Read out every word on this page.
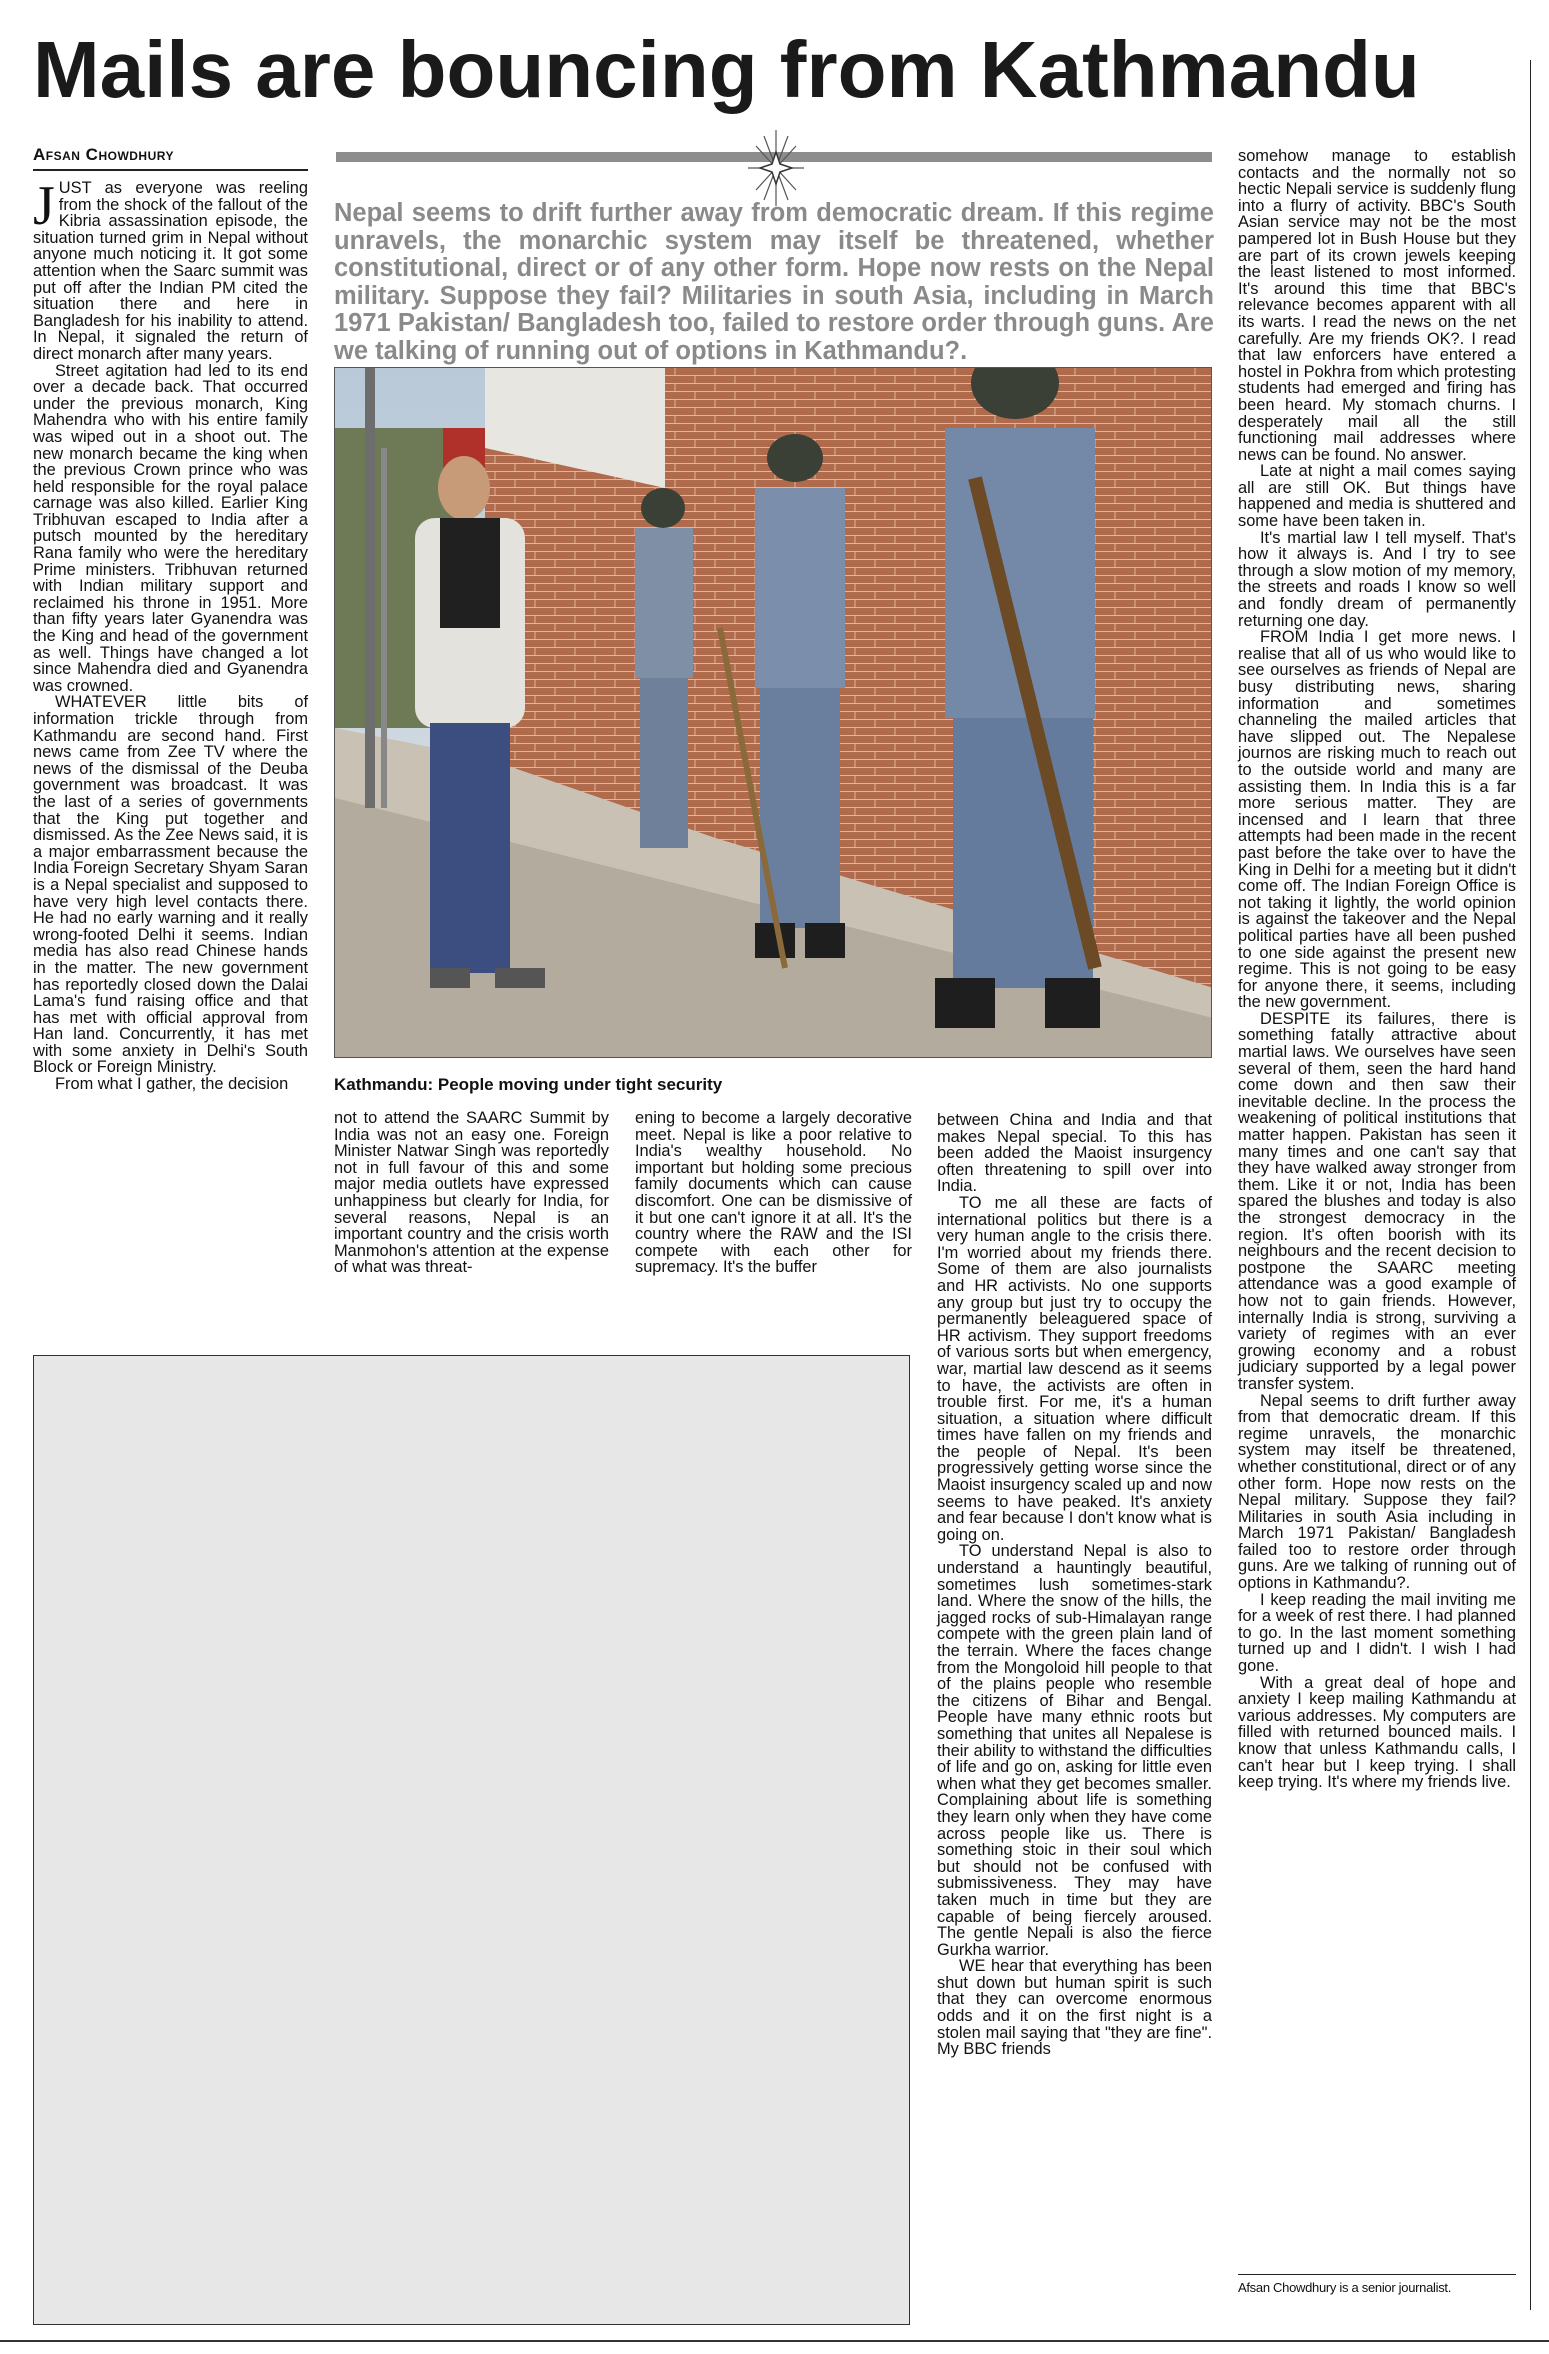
Mails are bouncing from Kathmandu
Afsan Chowdhury

JUST as everyone was reeling from the shock of the fallout of the Kibria assassination episode, the situation turned grim in Nepal without anyone much noticing it. It got some attention when the Saarc summit was put off after the Indian PM cited the situation there and here in Bangladesh for his inability to attend. In Nepal, it signaled the return of direct monarch after many years.

Street agitation had led to its end over a decade back. That occurred under the previous monarch, King Mahendra who with his entire family was wiped out in a shoot out. The new monarch became the king when the previous Crown prince who was held responsible for the royal palace carnage was also killed. Earlier King Tribhuvan escaped to India after a putsch mounted by the hereditary Rana family who were the hereditary Prime ministers. Tribhuvan returned with Indian military support and reclaimed his throne in 1951. More than fifty years later Gyanendra was the King and head of the government as well. Things have changed a lot since Mahendra died and Gyanendra was crowned.

WHATEVER little bits of information trickle through from Kathmandu are second hand. First news came from Zee TV where the news of the dismissal of the Deuba government was broadcast. It was the last of a series of governments that the King put together and dismissed. As the Zee News said, it is a major embarrassment because the India Foreign Secretary Shyam Saran is a Nepal specialist and supposed to have very high level contacts there. He had no early warning and it really wrong-footed Delhi it seems. Indian media has also read Chinese hands in the matter. The new government has reportedly closed down the Dalai Lama's fund raising office and that has met with official approval from Han land. Concurrently, it has met with some anxiety in Delhi's South Block or Foreign Ministry.

From what I gather, the decision

Nepal seems to drift further away from democratic dream. If this regime unravels, the monarchic system may itself be threatened, whether constitutional, direct or of any other form. Hope now rests on the Nepal military. Suppose they fail? Militaries in south Asia, including in March 1971 Pakistan/ Bangladesh too, failed to restore order through guns. Are we talking of running out of options in Kathmandu?.
Kathmandu: People moving under tight security

not to attend the SAARC Summit by India was not an easy one. Foreign Minister Natwar Singh was reportedly not in full favour of this and some major media outlets have expressed unhappiness but clearly for India, for several reasons, Nepal is an important country and the crisis worth Manmohon's attention at the expense of what was threat-

ening to become a largely decorative meet. Nepal is like a poor relative to India's wealthy household. No important but holding some precious family documents which can cause discomfort. One can be dismissive of it but one can't ignore it at all. It's the country where the RAW and the ISI compete with each other for supremacy. It's the buffer

between China and India and that makes Nepal special. To this has been added the Maoist insurgency often threatening to spill over into India.

TO me all these are facts of international politics but there is a very human angle to the crisis there. I'm worried about my friends there. Some of them are also journalists and HR activists. No one supports any group but just try to occupy the permanently beleaguered space of HR activism. They support freedoms of various sorts but when emergency, war, martial law descend as it seems to have, the activists are often in trouble first. For me, it's a human situation, a situation where difficult times have fallen on my friends and the people of Nepal. It's been progressively getting worse since the Maoist insurgency scaled up and now seems to have peaked. It's anxiety and fear because I don't know what is going on.

TO understand Nepal is also to understand a hauntingly beautiful, sometimes lush sometimes-stark land. Where the snow of the hills, the jagged rocks of sub-Himalayan range compete with the green plain land of the terrain. Where the faces change from the Mongoloid hill people to that of the plains people who resemble the citizens of Bihar and Bengal. People have many ethnic roots but something that unites all Nepalese is their ability to withstand the difficulties of life and go on, asking for little even when what they get becomes smaller. Complaining about life is something they learn only when they have come across people like us. There is something stoic in their soul which but should not be confused with submissiveness. They may have taken much in time but they are capable of being fiercely aroused. The gentle Nepali is also the fierce Gurkha warrior.

WE hear that everything has been shut down but human spirit is such that they can overcome enormous odds and it on the first night is a stolen mail saying that "they are fine". My BBC friends

somehow manage to establish contacts and the normally not so hectic Nepali service is suddenly flung into a flurry of activity. BBC's South Asian service may not be the most pampered lot in Bush House but they are part of its crown jewels keeping the least listened to most informed. It's around this time that BBC's relevance becomes apparent with all its warts. I read the news on the net carefully. Are my friends OK?. I read that law enforcers have entered a hostel in Pokhra from which protesting students had emerged and firing has been heard. My stomach churns. I desperately mail all the still functioning mail addresses where news can be found. No answer.

Late at night a mail comes saying all are still OK. But things have happened and media is shuttered and some have been taken in.

It's martial law I tell myself. That's how it always is. And I try to see through a slow motion of my memory, the streets and roads I know so well and fondly dream of permanently returning one day.

FROM India I get more news. I realise that all of us who would like to see ourselves as friends of Nepal are busy distributing news, sharing information and sometimes channeling the mailed articles that have slipped out. The Nepalese journos are risking much to reach out to the outside world and many are assisting them. In India this is a far more serious matter. They are incensed and I learn that three attempts had been made in the recent past before the take over to have the King in Delhi for a meeting but it didn't come off. The Indian Foreign Office is not taking it lightly, the world opinion is against the takeover and the Nepal political parties have all been pushed to one side against the present new regime. This is not going to be easy for anyone there, it seems, including the new government.

DESPITE its failures, there is something fatally attractive about martial laws. We ourselves have seen several of them, seen the hard hand come down and then saw their inevitable decline. In the process the weakening of political institutions that matter happen. Pakistan has seen it many times and one can't say that they have walked away stronger from them. Like it or not, India has been spared the blushes and today is also the strongest democracy in the region. It's often boorish with its neighbours and the recent decision to postpone the SAARC meeting attendance was a good example of how not to gain friends. However, internally India is strong, surviving a variety of regimes with an ever growing economy and a robust judiciary supported by a legal power transfer system.

Nepal seems to drift further away from that democratic dream. If this regime unravels, the monarchic system may itself be threatened, whether constitutional, direct or of any other form. Hope now rests on the Nepal military. Suppose they fail? Militaries in south Asia including in March 1971 Pakistan/ Bangladesh failed too to restore order through guns. Are we talking of running out of options in Kathmandu?.

I keep reading the mail inviting me for a week of rest there. I had planned to go. In the last moment something turned up and I didn't. I wish I had gone.

With a great deal of hope and anxiety I keep mailing Kathmandu at various addresses. My computers are filled with returned bounced mails. I know that unless Kathmandu calls, I can't hear but I keep trying. I shall keep trying. It's where my friends live.

Afsan Chowdhury is a senior journalist.
